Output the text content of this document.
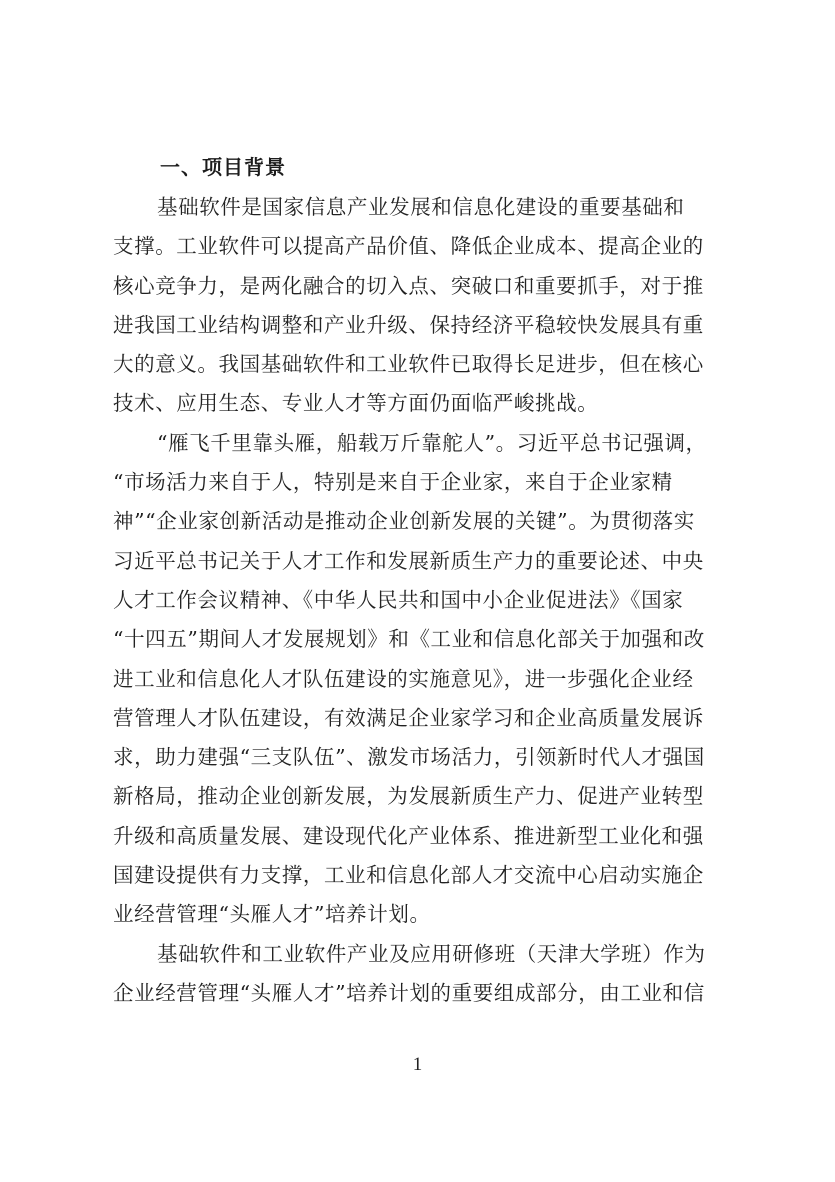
一、项目背景
基础软件是国家信息产业发展和信息化建设的重要基础和
支撑。工业软件可以提高产品价值、降低企业成本、提高企业的
核心竞争力，是两化融合的切入点、突破口和重要抓手，对于推
进我国工业结构调整和产业升级、保持经济平稳较快发展具有重
大的意义。我国基础软件和工业软件已取得长足进步，但在核心
技术、应用生态、专业人才等方面仍面临严峻挑战。
“雁飞千里靠头雁，船载万斤靠舵人”。习近平总书记强调，
“市场活力来自于人，特别是来自于企业家，来自于企业家精
神”“企业家创新活动是推动企业创新发展的关键”。为贯彻落实
习近平总书记关于人才工作和发展新质生产力的重要论述、中央
人才工作会议精神、《中华人民共和国中小企业促进法》《国家
“十四五”期间人才发展规划》和《工业和信息化部关于加强和改
进工业和信息化人才队伍建设的实施意见》，进一步强化企业经
营管理人才队伍建设，有效满足企业家学习和企业高质量发展诉
求，助力建强“三支队伍”、激发市场活力，引领新时代人才强国
新格局，推动企业创新发展，为发展新质生产力、促进产业转型
升级和高质量发展、建设现代化产业体系、推进新型工业化和强
国建设提供有力支撑，工业和信息化部人才交流中心启动实施企
业经营管理“头雁人才”培养计划。
基础软件和工业软件产业及应用研修班（天津大学班）作为
企业经营管理“头雁人才”培养计划的重要组成部分，由工业和信
1
